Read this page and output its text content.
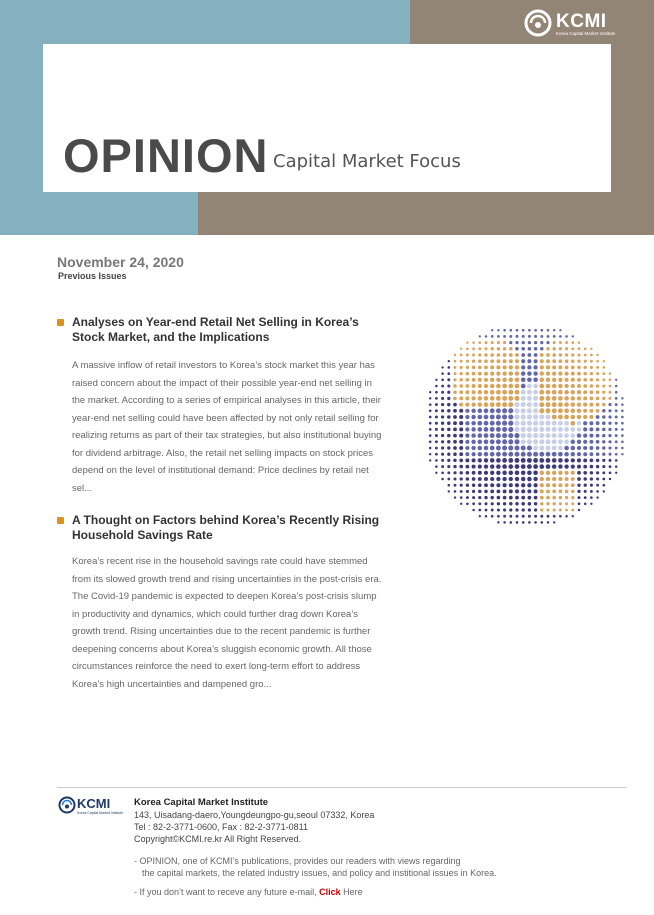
OPINION Capital Market Focus
KCMI
Korea Capital Market Institute
November 24, 2020
Previous Issues
Analyses on Year-end Retail Net Selling in Korea’s Stock Market, and the Implications
A massive inflow of retail investors to Korea’s stock market this year has raised concern about the impact of their possible year-end net selling in the market. According to a series of empirical analyses in this article, their year-end net selling could have been affected by not only retail selling for realizing returns as part of their tax strategies, but also institutional buying for dividend arbitrage. Also, the retail net selling impacts on stock prices depend on the level of institutional demand: Price declines by retail net sel...
A Thought on Factors behind Korea’s Recently Rising Household Savings Rate
Korea’s recent rise in the household savings rate could have stemmed from its slowed growth trend and rising uncertainties in the post-crisis era. The Covid-19 pandemic is expected to deepen Korea’s post-crisis slump in productivity and dynamics, which could further drag down Korea’s growth trend. Rising uncertainties due to the recent pandemic is further deepening concerns about Korea’s sluggish economic growth. All those circumstances reinforce the need to exert long-term effort to address Korea’s high uncertainties and dampened gro...
KCMI
Korea Capital Market Institute
Korea Capital Market Institute
143, Uisadang-daero,Youngdeungpo-gu,seoul 07332, Korea
Tel : 82-2-3771-0600, Fax : 82-2-3771-0811
Copyright©KCMI.re.kr All Right Reserved.
- OPINION, one of KCMI’s publications, provides our readers with views regarding
the capital markets, the related industry issues, and policy and institional issues in Korea.
- If you don’t want to receve any future e-mail, Click Here
